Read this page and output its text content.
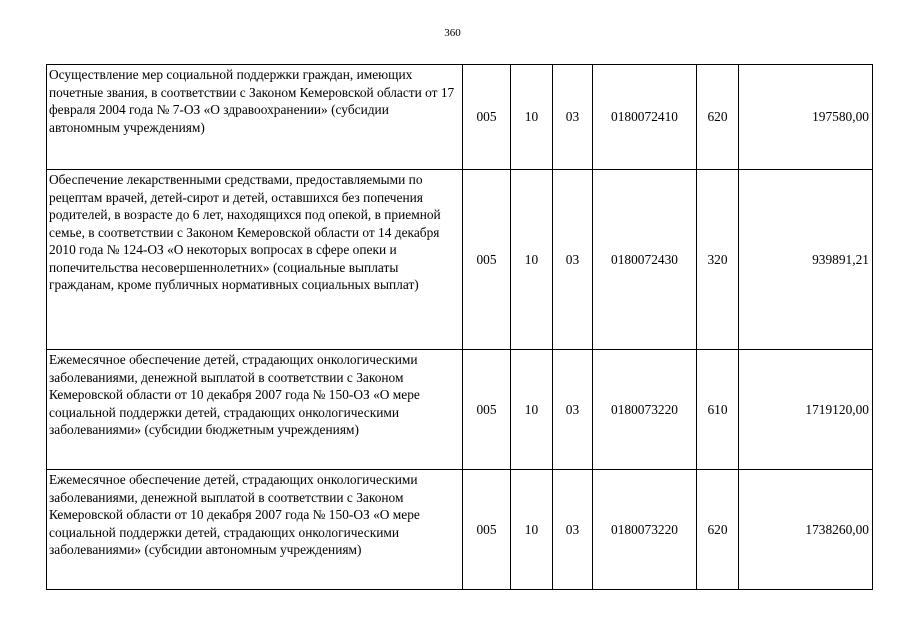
360
Осуществление мер социальной поддержки граждан, имеющих почетные звания, в соответствии с Законом Кемеровской области от 17 февраля 2004 года № 7-ОЗ «О здравоохранении» (субсидии автономным учреждениям)	005	10	03	0180072410	620	197580,00
Обеспечение лекарственными средствами, предоставляемыми по рецептам врачей, детей-сирот и детей, оставшихся без попечения родителей, в возрасте до 6 лет, находящихся под опекой, в приемной семье, в соответствии с Законом Кемеровской области от 14 декабря 2010 года № 124-ОЗ «О некоторых вопросах в сфере опеки и попечительства несовершеннолетних» (социальные выплаты гражданам, кроме публичных нормативных социальных выплат)	005	10	03	0180072430	320	939891,21
Ежемесячное обеспечение детей, страдающих онкологическими заболеваниями, денежной выплатой в соответствии с Законом Кемеровской области от 10 декабря 2007 года № 150-ОЗ «О мере социальной поддержки детей, страдающих онкологическими заболеваниями» (субсидии бюджетным учреждениям)	005	10	03	0180073220	610	1719120,00
Ежемесячное обеспечение детей, страдающих онкологическими заболеваниями, денежной выплатой в соответствии с Законом Кемеровской области от 10 декабря 2007 года № 150-ОЗ «О мере социальной поддержки детей, страдающих онкологическими заболеваниями» (субсидии автономным учреждениям)	005	10	03	0180073220	620	1738260,00
